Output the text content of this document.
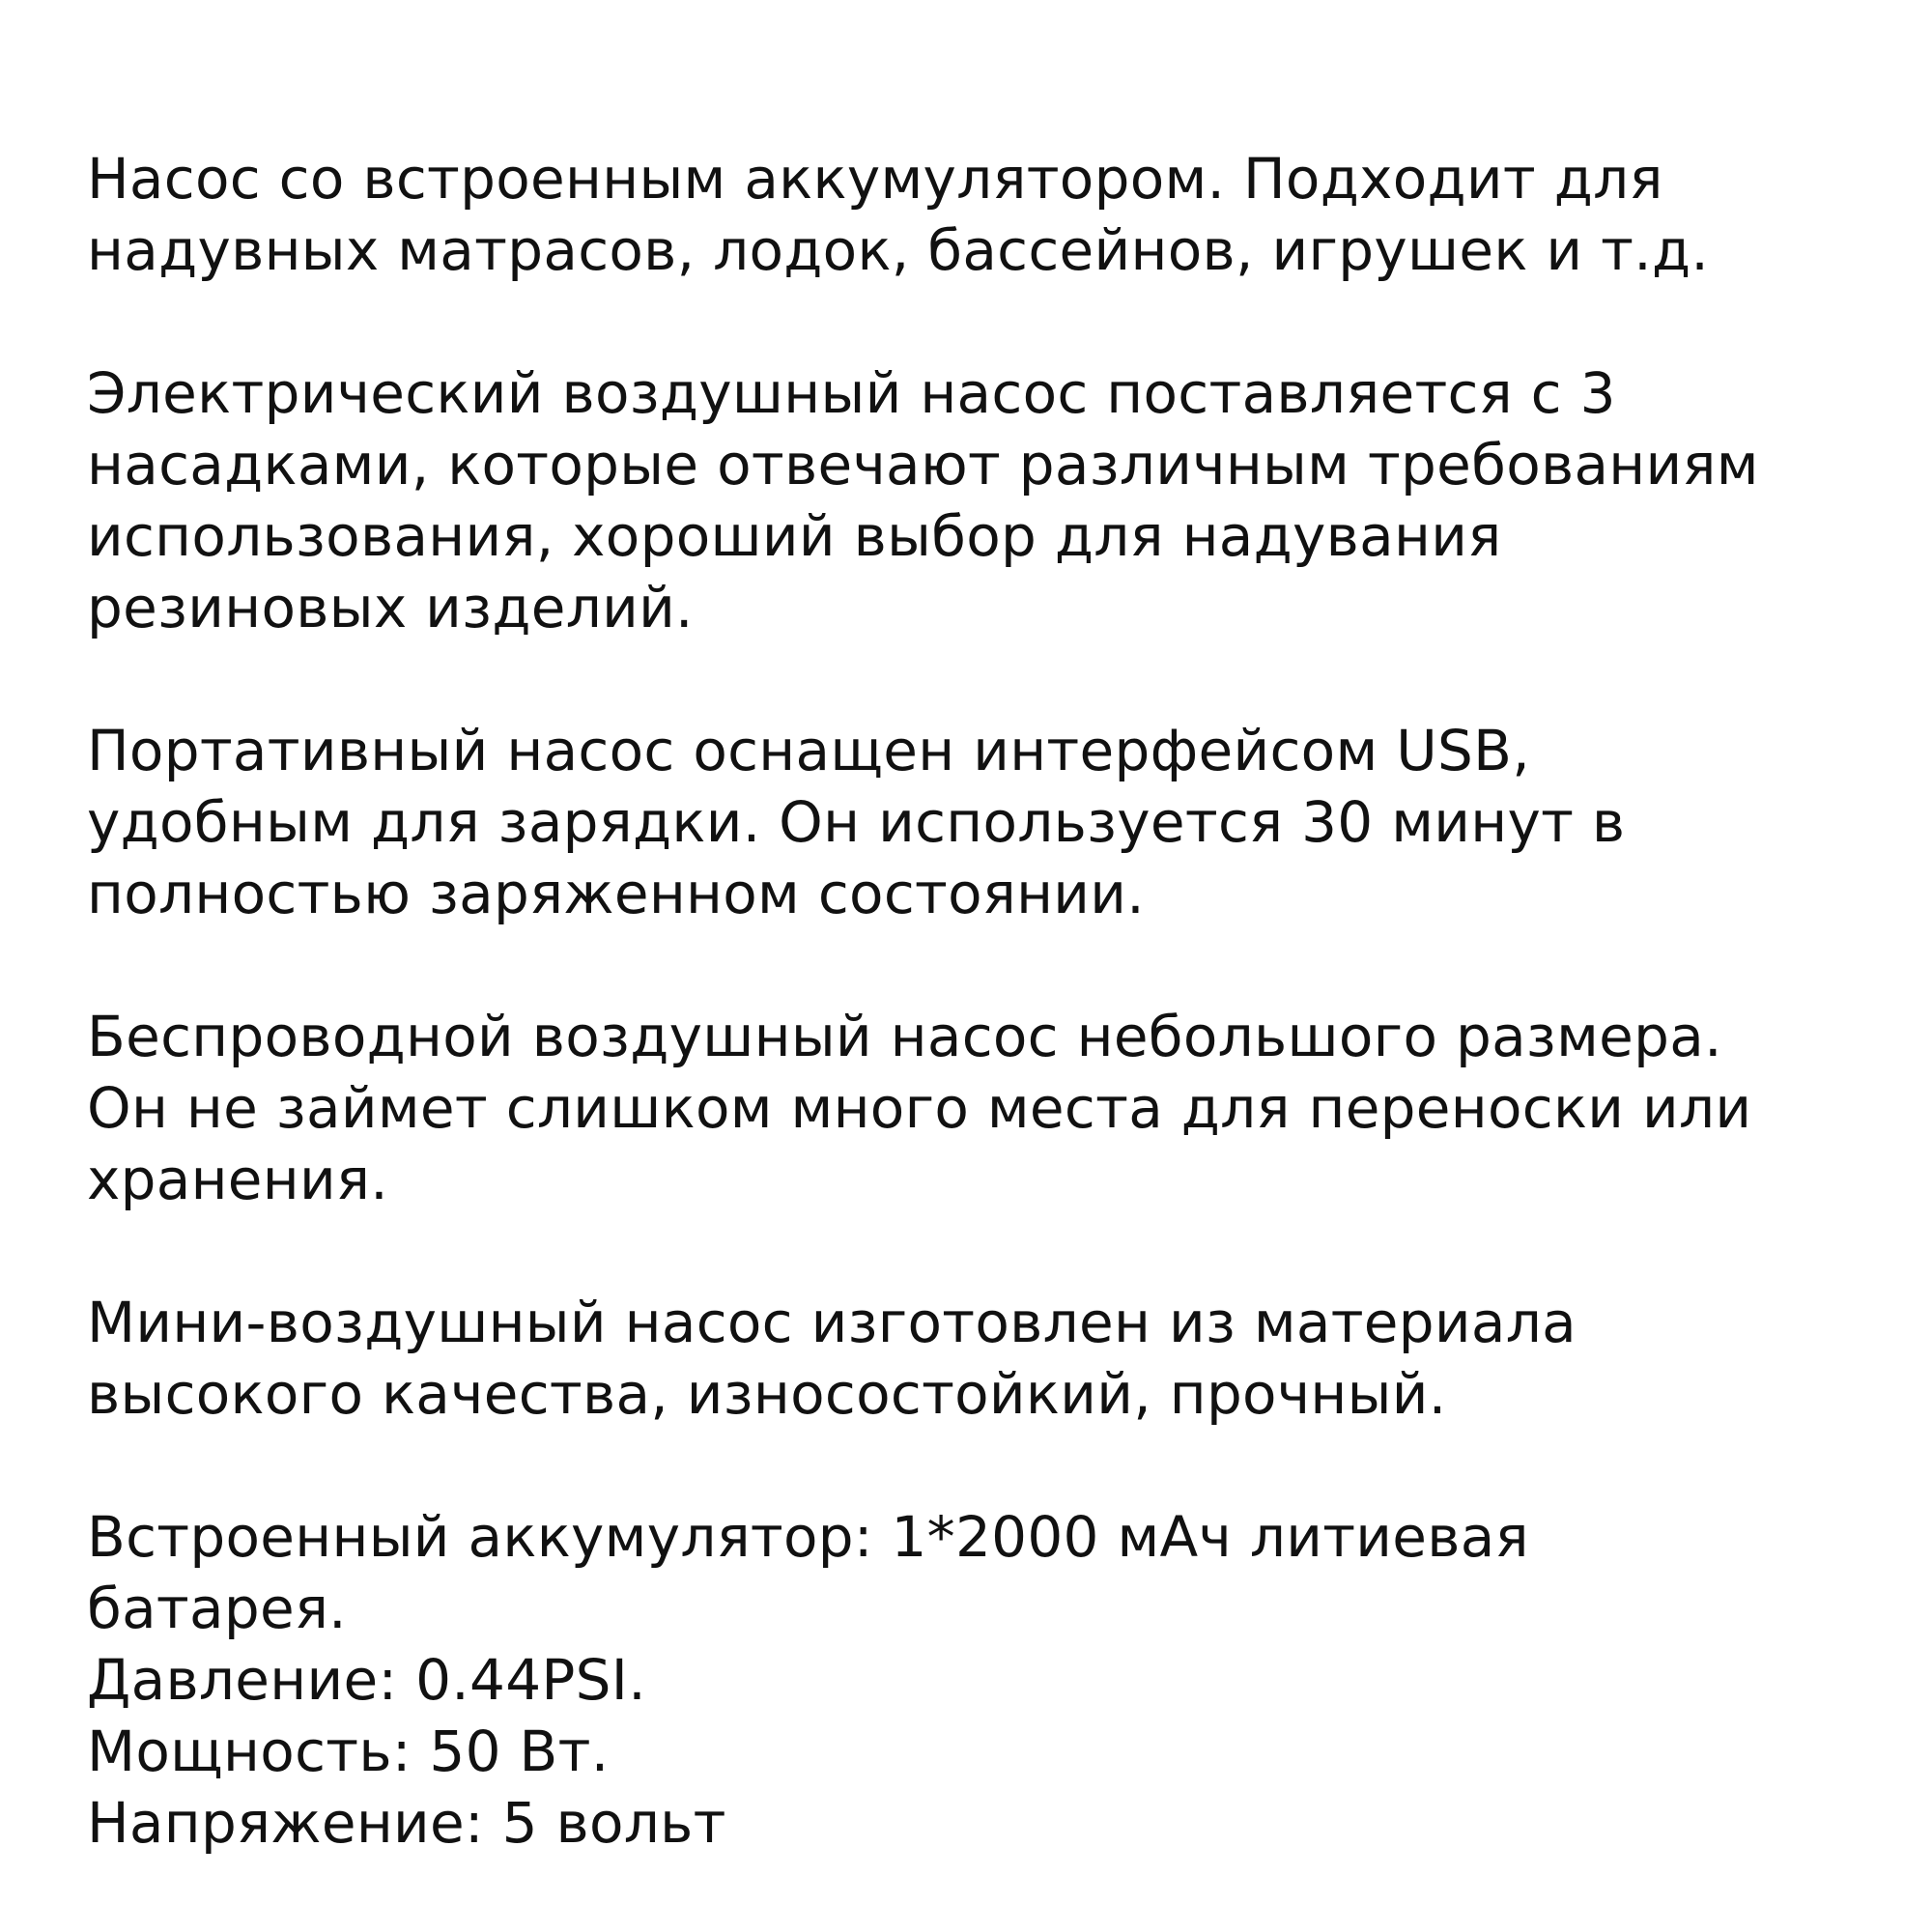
Насос со встроенным аккумулятором. Подходит для
надувных матрасов, лодок, бассейнов, игрушек и т.д.

Электрический воздушный насос поставляется с 3
насадками, которые отвечают различным требованиям
использования, хороший выбор для надувания
резиновых изделий.

Портативный насос оснащен интерфейсом USB,
удобным для зарядки. Он используется 30 минут в
полностью заряженном состоянии.

Беспроводной воздушный насос небольшого размера.
Он не займет слишком много места для переноски или
хранения.

Мини-воздушный насос изготовлен из материала
высокого качества, износостойкий, прочный.

Встроенный аккумулятор: 1*2000 мАч литиевая
батарея.
Давление: 0.44PSI.
Мощность: 50 Вт.
Напряжение: 5 вольт
